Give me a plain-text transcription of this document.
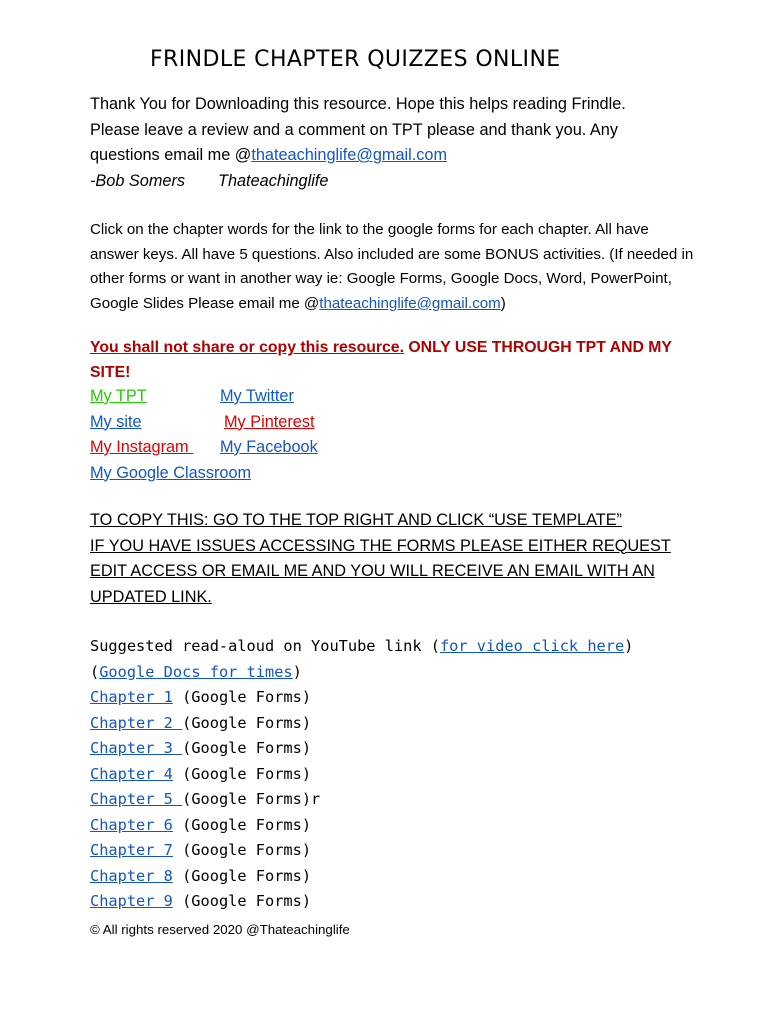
FRINDLE CHAPTER QUIZZES ONLINE
Thank You for Downloading this resource. Hope this helps reading Frindle.
Please leave a review and a comment on TPT please and thank you. Any
questions email me @thateachinglife@gmail.com
-Bob Somers Thateachinglife
Click on the chapter words for the link to the google forms for each chapter. All have answer keys. All have 5 questions. Also included are some BONUS activities. (If needed in other forms or want in another way ie: Google Forms, Google Docs, Word, PowerPoint, Google Slides Please email me @thateachinglife@gmail.com)
You shall not share or copy this resource. ONLY USE THROUGH TPT AND MY SITE!
My TPT	My Twitter
My site	My Pinterest
My Instagram My Facebook
My Google Classroom
TO COPY THIS: GO TO THE TOP RIGHT AND CLICK “USE TEMPLATE”
IF YOU HAVE ISSUES ACCESSING THE FORMS PLEASE EITHER REQUEST
EDIT ACCESS OR EMAIL ME AND YOU WILL RECEIVE AN EMAIL WITH AN
UPDATED LINK.
Suggested read-aloud on YouTube link (for video click here)
(Google Docs for times)
Chapter 1 (Google Forms)
Chapter 2 (Google Forms)
Chapter 3 (Google Forms)
Chapter 4 (Google Forms)
Chapter 5 (Google Forms)r
Chapter 6 (Google Forms)
Chapter 7 (Google Forms)
Chapter 8 (Google Forms)
Chapter 9 (Google Forms)
© All rights reserved 2020 @Thateachinglife
